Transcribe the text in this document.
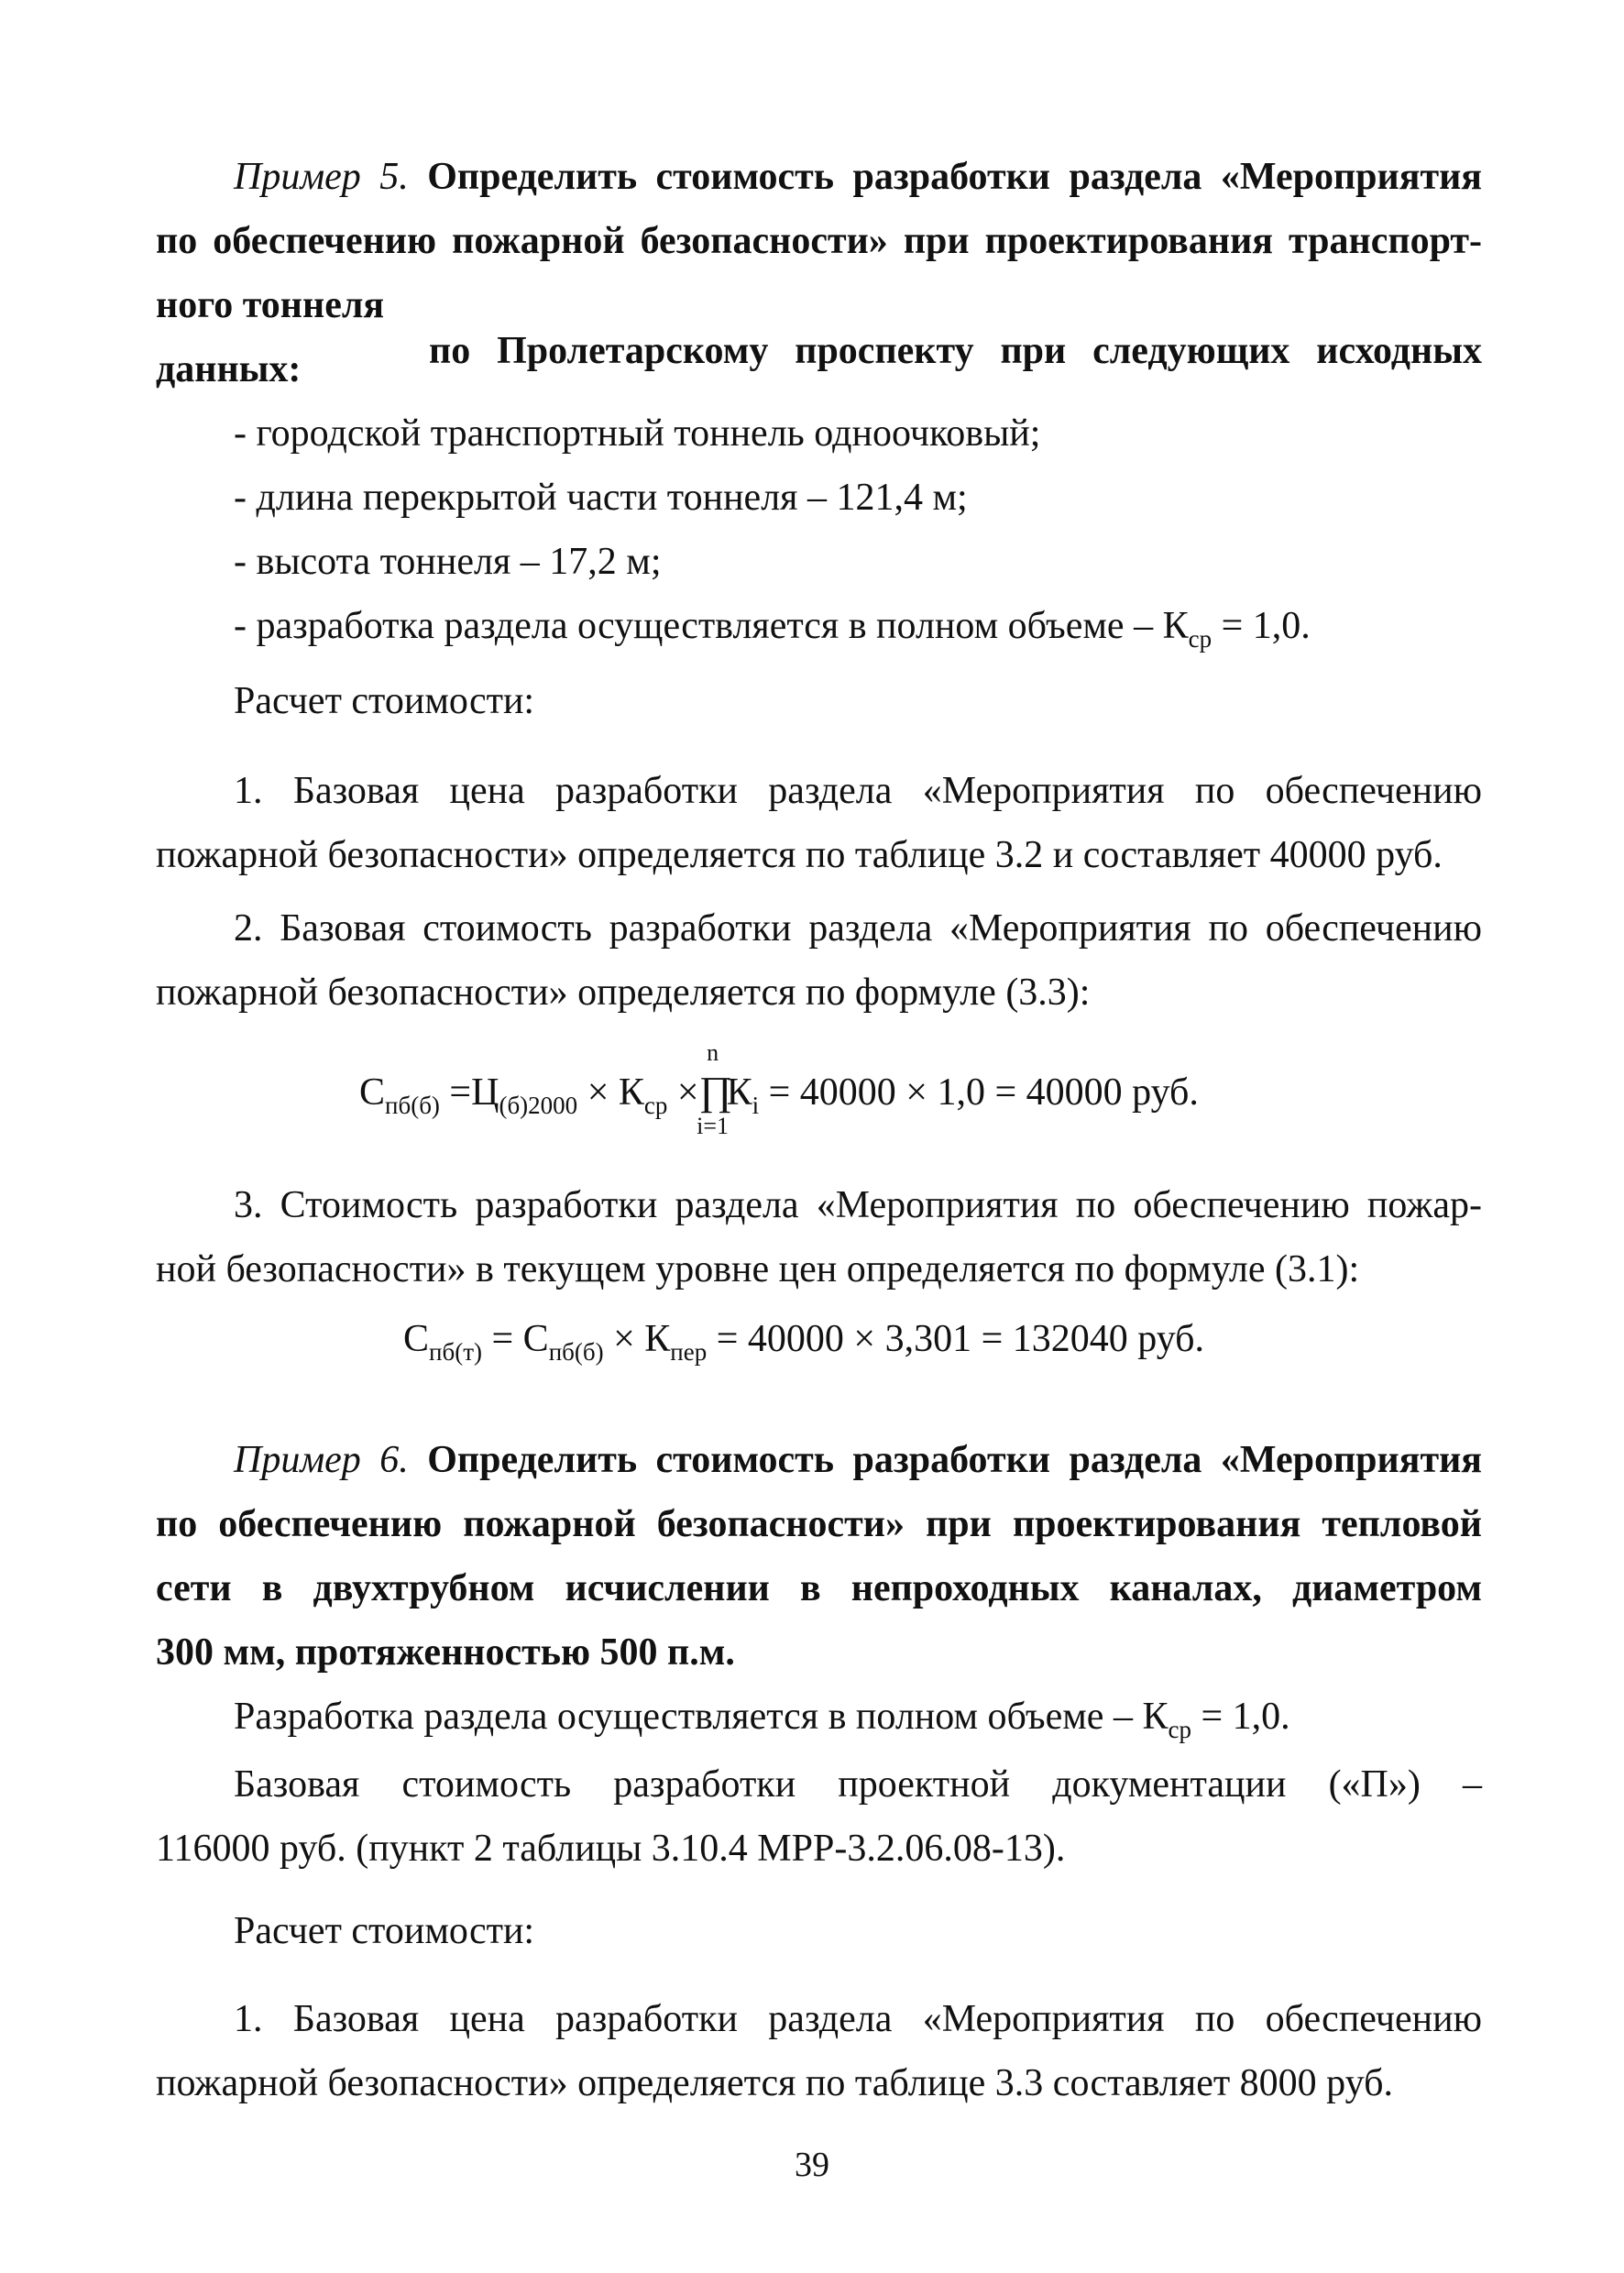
Пример 5. Определить стоимость разработки раздела «Мероприятия
по обеспечению пожарной безопасности» при проектирования транспорт-
ного тоннеля
по Пролетарскому проспекту при следующих исходных
данных:
- городской транспортный тоннель одноочковый;
- длина перекрытой части тоннеля – 121,4 м;
- высота тоннеля – 17,2 м;
- разработка раздела осуществляется в полном объеме – $К_{ср} = 1,0$.
Расчет стоимости:
1. Базовая цена разработки раздела «Мероприятия по обеспечению
пожарной безопасности» определяется по таблице 3.2 и составляет 40000 руб.
2. Базовая стоимость разработки раздела «Мероприятия по обеспечению
пожарной безопасности» определяется по формуле (3.3):
$С_{пб(б)} =Ц_{(б)2000} \times К_{ср}$ ×
n
∏
i=1
$К_i = 40000 \times 1,0 = 40000$ руб.
3. Стоимость разработки раздела «Мероприятия по обеспечению пожар-
ной безопасности» в текущем уровне цен определяется по формуле (3.1):
$С_{пб(т)} = С_{пб(б)} \times К_{пер} = 40000 \times 3,301 = 132040$ руб.
Пример 6. Определить стоимость разработки раздела «Мероприятия
по обеспечению пожарной безопасности» при проектирования тепловой
сети в двухтрубном исчислении в непроходных каналах, диаметром
300 мм, протяженностью 500 п.м.
Разработка раздела осуществляется в полном объеме – $К_{ср} = 1,0$.
Базовая стоимость разработки проектной документации («П») –
116000 руб. (пункт 2 таблицы 3.10.4 МРР-3.2.06.08-13).
Расчет стоимости:
1. Базовая цена разработки раздела «Мероприятия по обеспечению
пожарной безопасности» определяется по таблице 3.3 составляет 8000 руб.
39
